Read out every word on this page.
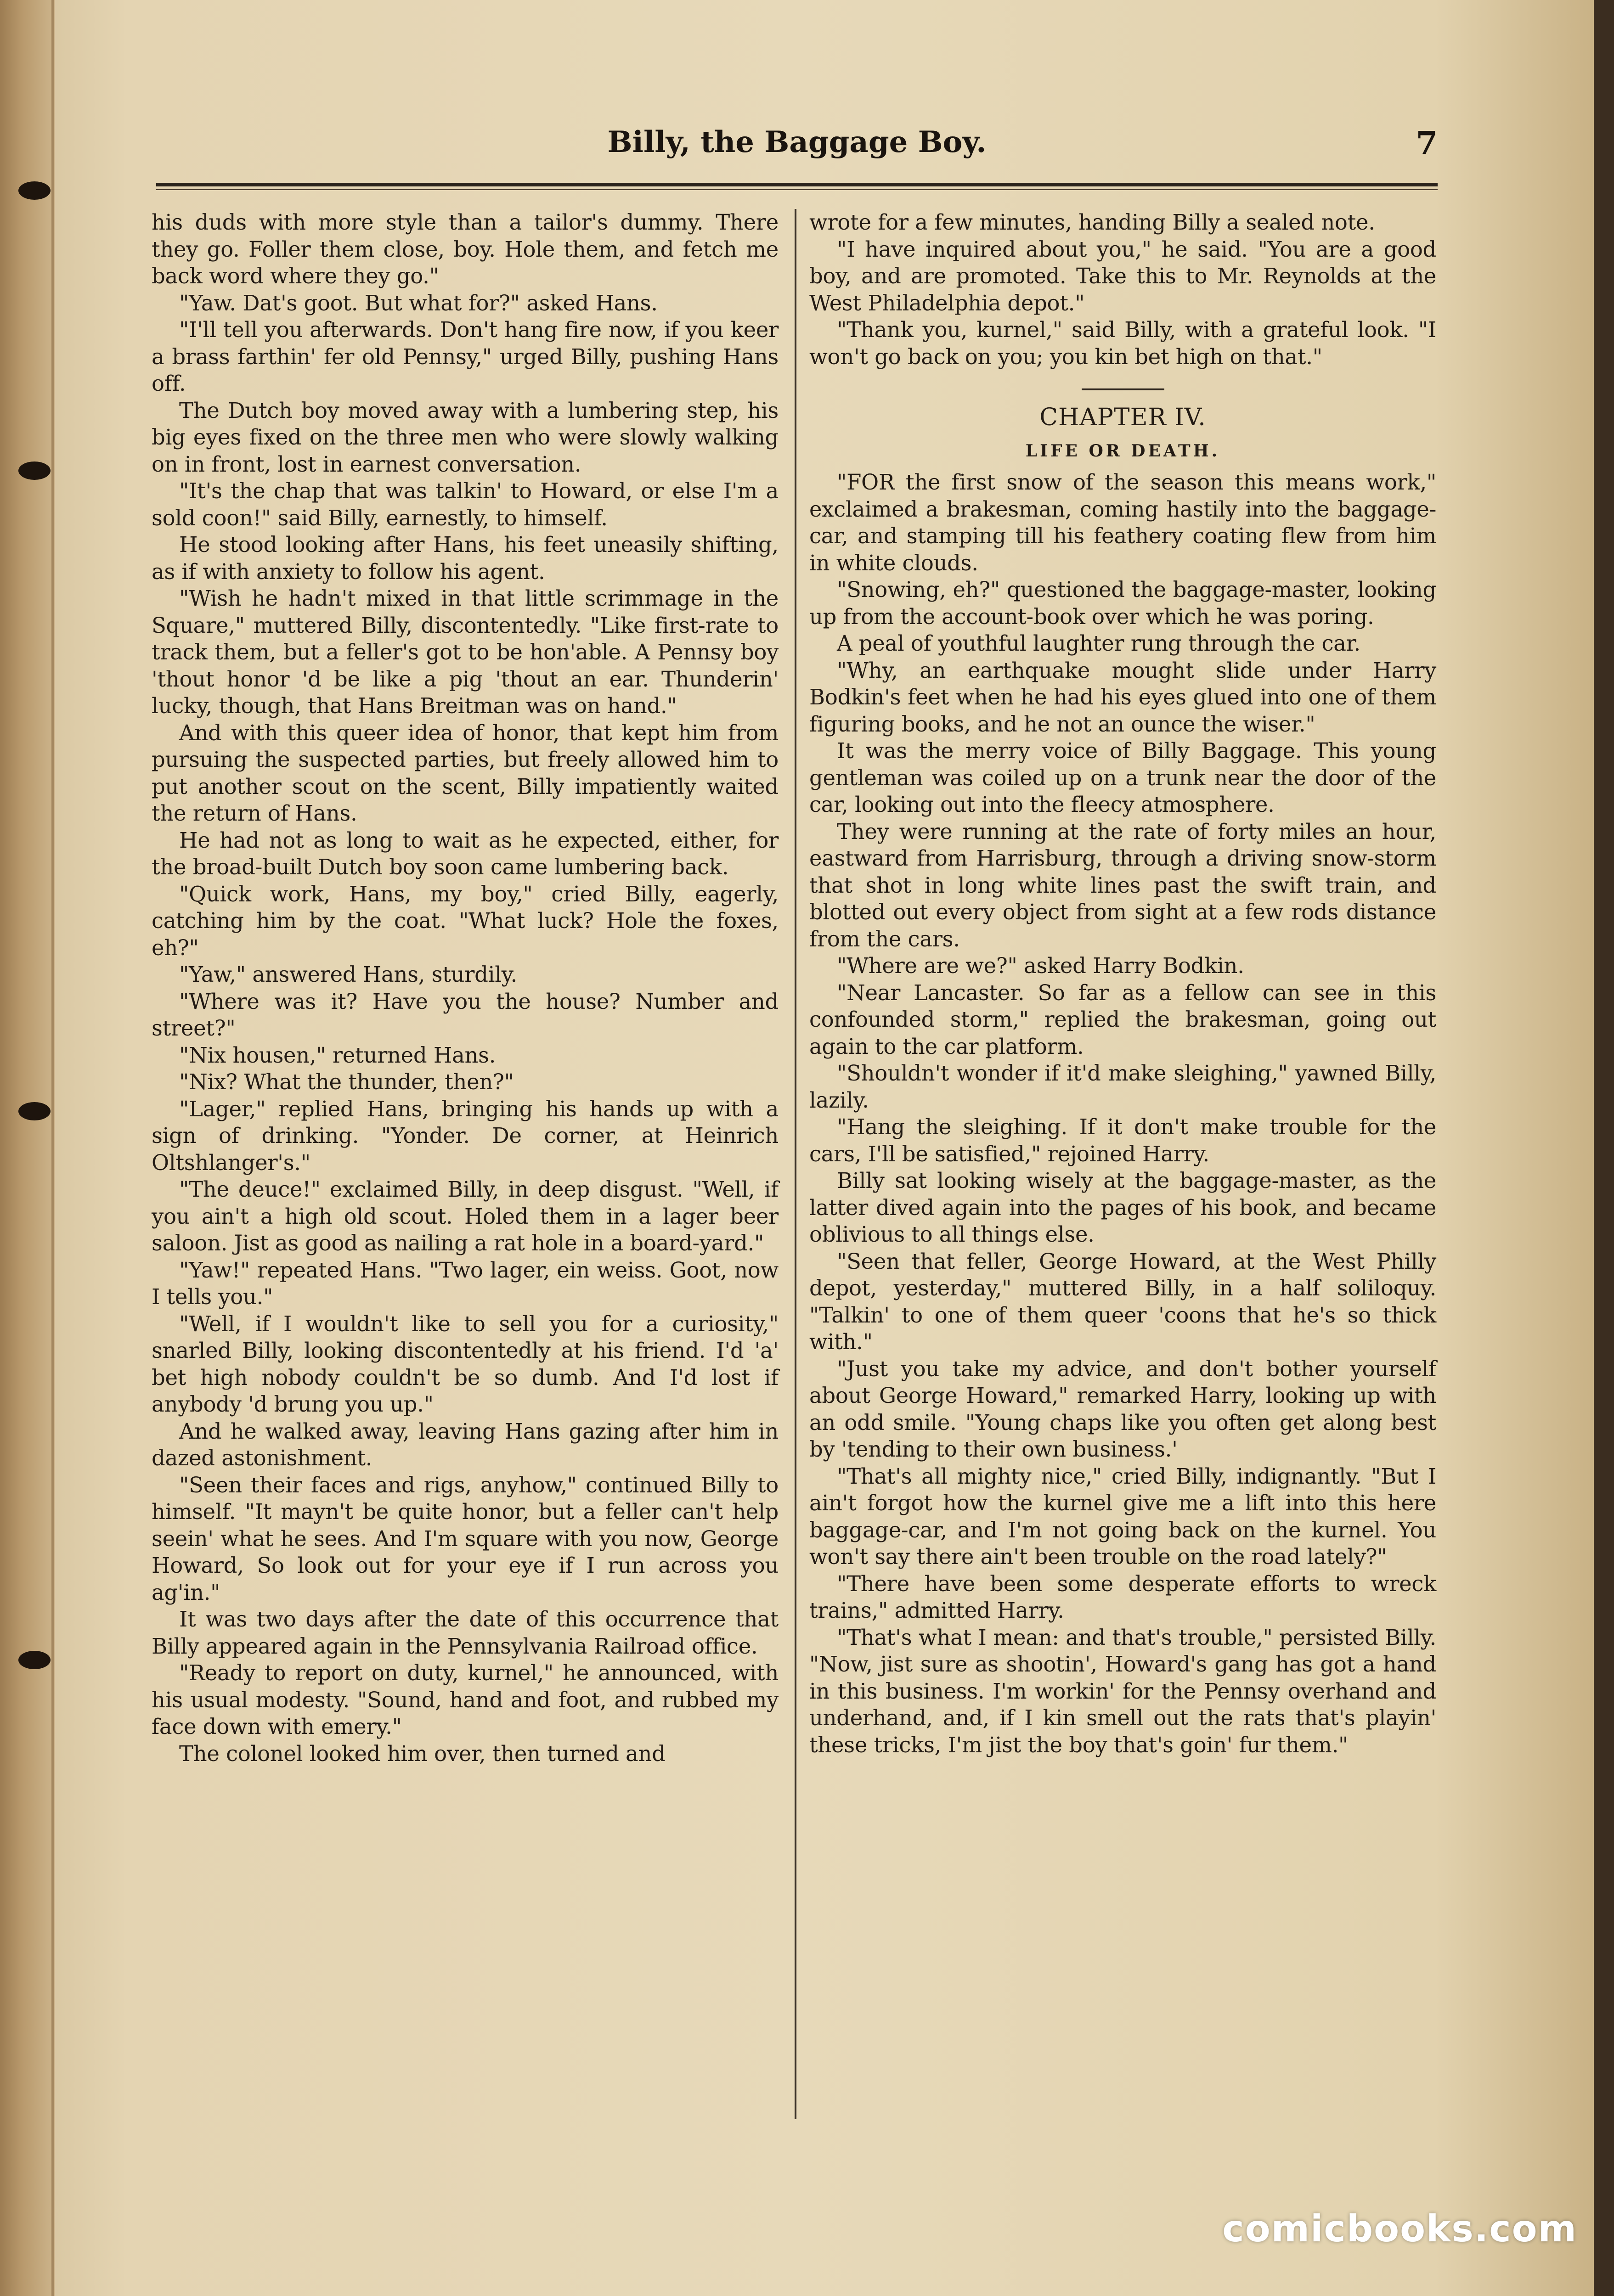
Billy, the Baggage Boy.	7

his duds with more style than a tailor's dummy. There they go. Foller them close, boy. Hole them, and fetch me back word where they go."

"Yaw. Dat's goot. But what for?" asked Hans.

"I'll tell you afterwards. Don't hang fire now, if you keer a brass farthin' fer old Pennsy," urged Billy, pushing Hans off.

The Dutch boy moved away with a lumbering step, his big eyes fixed on the three men who were slowly walking on in front, lost in earnest conversation.

"It's the chap that was talkin' to Howard, or else I'm a sold coon!" said Billy, earnestly, to himself.

He stood looking after Hans, his feet uneasily shifting, as if with anxiety to follow his agent.

"Wish he hadn't mixed in that little scrimmage in the Square," muttered Billy, discontentedly. "Like first-rate to track them, but a feller's got to be hon'able. A Pennsy boy 'thout honor 'd be like a pig 'thout an ear. Thunderin' lucky, though, that Hans Breitman was on hand."

And with this queer idea of honor, that kept him from pursuing the suspected parties, but freely allowed him to put another scout on the scent, Billy impatiently waited the return of Hans.

He had not as long to wait as he expected, either, for the broad-built Dutch boy soon came lumbering back.

"Quick work, Hans, my boy," cried Billy, eagerly, catching him by the coat. "What luck? Hole the foxes, eh?"

"Yaw," answered Hans, sturdily.

"Where was it? Have you the house? Number and street?"

"Nix housen," returned Hans.

"Nix? What the thunder, then?"

"Lager," replied Hans, bringing his hands up with a sign of drinking. "Yonder. De corner, at Heinrich Oltshlanger's."

"The deuce!" exclaimed Billy, in deep disgust. "Well, if you ain't a high old scout. Holed them in a lager beer saloon. Jist as good as nailing a rat hole in a board-yard."

"Yaw!" repeated Hans. "Two lager, ein weiss. Goot, now I tells you."

"Well, if I wouldn't like to sell you for a curiosity," snarled Billy, looking discontentedly at his friend. I'd 'a' bet high nobody couldn't be so dumb. And I'd lost if anybody 'd brung you up."

And he walked away, leaving Hans gazing after him in dazed astonishment.

"Seen their faces and rigs, anyhow," continued Billy to himself. "It mayn't be quite honor, but a feller can't help seein' what he sees. And I'm square with you now, George Howard, So look out for your eye if I run across you ag'in."

It was two days after the date of this occurrence that Billy appeared again in the Pennsylvania Railroad office.

"Ready to report on duty, kurnel," he announced, with his usual modesty. "Sound, hand and foot, and rubbed my face down with emery."

The colonel looked him over, then turned and

wrote for a few minutes, handing Billy a sealed note.

"I have inquired about you," he said. "You are a good boy, and are promoted. Take this to Mr. Reynolds at the West Philadelphia depot."

"Thank you, kurnel," said Billy, with a grateful look. "I won't go back on you; you kin bet high on that."

CHAPTER IV.
LIFE OR DEATH.

"FOR the first snow of the season this means work," exclaimed a brakesman, coming hastily into the baggage-car, and stamping till his feathery coating flew from him in white clouds.

"Snowing, eh?" questioned the baggage-master, looking up from the account-book over which he was poring.

A peal of youthful laughter rung through the car.

"Why, an earthquake mought slide under Harry Bodkin's feet when he had his eyes glued into one of them figuring books, and he not an ounce the wiser."

It was the merry voice of Billy Baggage. This young gentleman was coiled up on a trunk near the door of the car, looking out into the fleecy atmosphere.

They were running at the rate of forty miles an hour, eastward from Harrisburg, through a driving snow-storm that shot in long white lines past the swift train, and blotted out every object from sight at a few rods distance from the cars.

"Where are we?" asked Harry Bodkin.

"Near Lancaster. So far as a fellow can see in this confounded storm," replied the brakesman, going out again to the car platform.

"Shouldn't wonder if it'd make sleighing," yawned Billy, lazily.

"Hang the sleighing. If it don't make trouble for the cars, I'll be satisfied," rejoined Harry.

Billy sat looking wisely at the baggage-master, as the latter dived again into the pages of his book, and became oblivious to all things else.

"Seen that feller, George Howard, at the West Philly depot, yesterday," muttered Billy, in a half soliloquy. "Talkin' to one of them queer 'coons that he's so thick with."

"Just you take my advice, and don't bother yourself about George Howard," remarked Harry, looking up with an odd smile. "Young chaps like you often get along best by 'tending to their own business.'

"That's all mighty nice," cried Billy, indignantly. "But I ain't forgot how the kurnel give me a lift into this here baggage-car, and I'm not going back on the kurnel. You won't say there ain't been trouble on the road lately?"

"There have been some desperate efforts to wreck trains," admitted Harry.

"That's what I mean: and that's trouble," persisted Billy. "Now, jist sure as shootin', Howard's gang has got a hand in this business. I'm workin' for the Pennsy overhand and underhand, and, if I kin smell out the rats that's playin' these tricks, I'm jist the boy that's goin' fur them."

comicbooks.com
